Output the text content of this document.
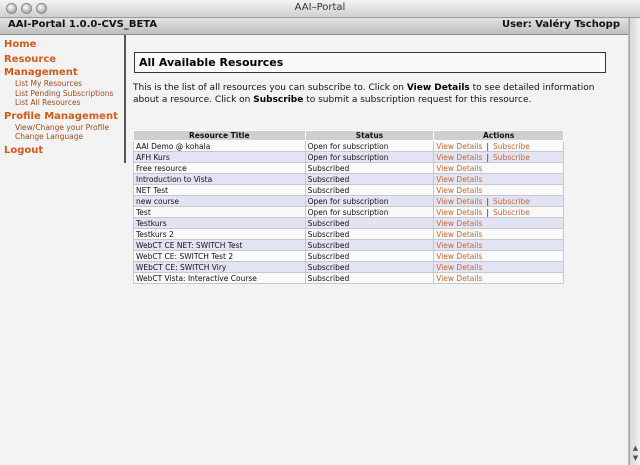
AAI–Portal
AAI-Portal 1.0.0-CVS_BETA	User: Valéry Tschopp
Home
Resource Management
List My Resources
List Pending Subscriptions
List All Resources
Profile Management
View/Change your Profile
Change Language
Logout
All Available Resources
This is the list of all resources you can subscribe to. Click on View Details to see detailed information about a resource. Click on Subscribe to submit a subscription request for this resource.
Resource Title	Status	Actions
AAI Demo @ kohala	Open for subscription	View Details | Subscribe
AFH Kurs	Open for subscription	View Details | Subscribe
Free resource	Subscribed	View Details
Introduction to Vista	Subscribed	View Details
NET Test	Subscribed	View Details
new course	Open for subscription	View Details | Subscribe
Test	Open for subscription	View Details | Subscribe
Testkurs	Subscribed	View Details
Testkurs 2	Subscribed	View Details
WebCT CE NET: SWITCH Test	Subscribed	View Details
WebCT CE: SWITCH Test 2	Subscribed	View Details
WEbCT CE: SWITCH Viry	Subscribed	View Details
WebCT Vista: Interactive Course	Subscribed	View Details
▲
▼
